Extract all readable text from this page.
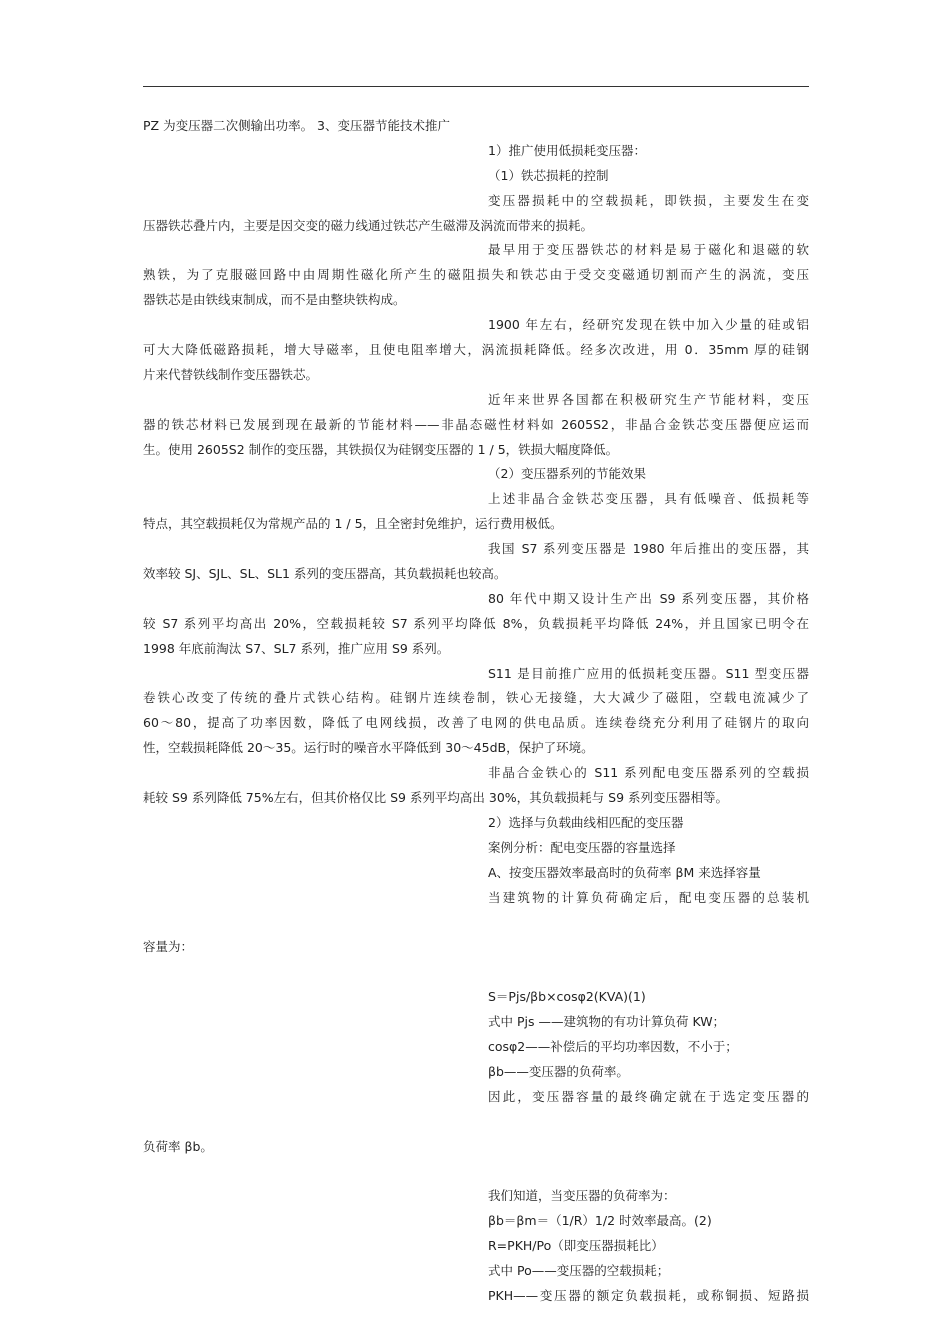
PZ 为变压器二次侧输出功率。 3、变压器节能技术推广
1）推广使用低损耗变压器：
（1）铁芯损耗的控制
变压器损耗中的空载损耗，即铁损，主要发生在变
压器铁芯叠片内，主要是因交变的磁力线通过铁芯产生磁滞及涡流而带来的损耗。
最早用于变压器铁芯的材料是易于磁化和退磁的软
熟铁，为了克服磁回路中由周期性磁化所产生的磁阻损失和铁芯由于受交变磁通切割而产生的涡流，变压
器铁芯是由铁线束制成，而不是由整块铁构成。
1900 年左右，经研究发现在铁中加入少量的硅或铝
可大大降低磁路损耗，增大导磁率，且使电阻率增大，涡流损耗降低。经多次改进，用 0．35mm 厚的硅钢
片来代替铁线制作变压器铁芯。
近年来世界各国都在积极研究生产节能材料，变压
器的铁芯材料已发展到现在最新的节能材料——非晶态磁性材料如 2605S2，非晶合金铁芯变压器便应运而
生。使用 2605S2 制作的变压器，其铁损仅为硅钢变压器的 1 / 5，铁损大幅度降低。
（2）变压器系列的节能效果
上述非晶合金铁芯变压器，具有低噪音、低损耗等
特点，其空载损耗仅为常规产品的 1 / 5，且全密封免维护，运行费用极低。
我国 S7 系列变压器是 1980 年后推出的变压器，其
效率较 SJ、SJL、SL、SL1 系列的变压器高，其负载损耗也较高。
80 年代中期又设计生产出 S9 系列变压器，其价格
较 S7 系列平均高出 20%，空载损耗较 S7 系列平均降低 8%，负载损耗平均降低 24%，并且国家已明令在
1998 年底前淘汰 S7、SL7 系列，推广应用 S9 系列。
S11 是目前推广应用的低损耗变压器。S11 型变压器
卷铁心改变了传统的叠片式铁心结构。硅钢片连续卷制，铁心无接缝，大大减少了磁阻，空载电流减少了
60～80，提高了功率因数，降低了电网线损，改善了电网的供电品质。连续卷绕充分利用了硅钢片的取向
性，空载损耗降低 20～35。运行时的噪音水平降低到 30～45dB，保护了环境。
非晶合金铁心的 S11 系列配电变压器系列的空载损
耗较 S9 系列降低 75%左右，但其价格仅比 S9 系列平均高出 30%，其负载损耗与 S9 系列变压器相等。
2）选择与负载曲线相匹配的变压器
案例分析：配电变压器的容量选择
A、按变压器效率最高时的负荷率 βM 来选择容量
当建筑物的计算负荷确定后，配电变压器的总装机
容量为：
S＝Pjs/βb×cosφ2(KVA)(1)
式中 Pjs ——建筑物的有功计算负荷 KW；
cosφ2——补偿后的平均功率因数，不小于；
βb——变压器的负荷率。
因此，变压器容量的最终确定就在于选定变压器的
负荷率 βb。
我们知道，当变压器的负荷率为：
βb＝βm＝（1/R）1/2 时效率最高。(2)
R=PKH/Po（即变压器损耗比）
式中 Po——变压器的空载损耗；
PKH——变压器的额定负载损耗，或称铜损、短路损
